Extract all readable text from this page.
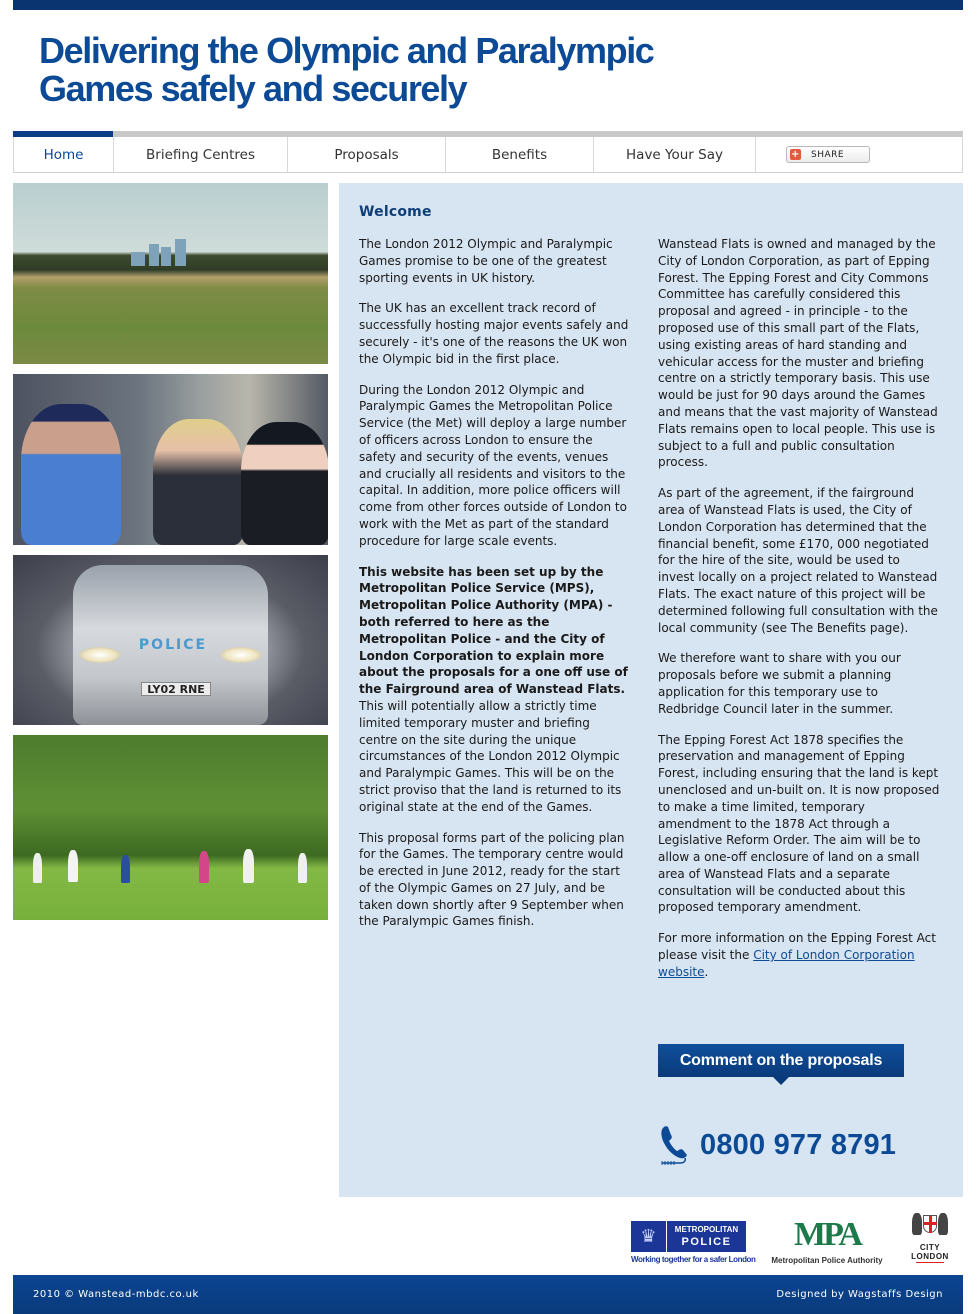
Delivering the Olympic and Paralympic
Games safely and securely
Home	Briefing Centres	Proposals	Benefits	Have Your Say	+ SHARE
POLICE
LY02 RNE
Welcome

The London 2012 Olympic and Paralympic Games promise to be one of the greatest sporting events in UK history.

The UK has an excellent track record of successfully hosting major events safely and securely - it's one of the reasons the UK won the Olympic bid in the first place.

During the London 2012 Olympic and Paralympic Games the Metropolitan Police Service (the Met) will deploy a large number of officers across London to ensure the safety and security of the events, venues and crucially all residents and visitors to the capital. In addition, more police officers will come from other forces outside of London to work with the Met as part of the standard procedure for large scale events.

This website has been set up by the Metropolitan Police Service (MPS), Metropolitan Police Authority (MPA) - both referred to here as the Metropolitan Police - and the City of London Corporation to explain more about the proposals for a one off use of the Fairground area of Wanstead Flats. This will potentially allow a strictly time limited temporary muster and briefing centre on the site during the unique circumstances of the London 2012 Olympic and Paralympic Games. This will be on the strict proviso that the land is returned to its original state at the end of the Games.

This proposal forms part of the policing plan for the Games. The temporary centre would be erected in June 2012, ready for the start of the Olympic Games on 27 July, and be taken down shortly after 9 September when the Paralympic Games finish.

Wanstead Flats is owned and managed by the City of London Corporation, as part of Epping Forest. The Epping Forest and City Commons Committee has carefully considered this proposal and agreed - in principle - to the proposed use of this small part of the Flats, using existing areas of hard standing and vehicular access for the muster and briefing centre on a strictly temporary basis. This use would be just for 90 days around the Games and means that the vast majority of Wanstead Flats remains open to local people. This use is subject to a full and public consultation process.

As part of the agreement, if the fairground area of Wanstead Flats is used, the City of London Corporation has determined that the financial benefit, some £170, 000 negotiated for the hire of the site, would be used to invest locally on a project related to Wanstead Flats. The exact nature of this project will be determined following full consultation with the local community (see The Benefits page).

We therefore want to share with you our proposals before we submit a planning application for this temporary use to Redbridge Council later in the summer.

The Epping Forest Act 1878 specifies the preservation and management of Epping Forest, including ensuring that the land is kept unenclosed and un-built on. It is now proposed to make a time limited, temporary amendment to the 1878 Act through a Legislative Reform Order. The aim will be to allow a one-off enclosure of land on a small area of Wanstead Flats and a separate consultation will be conducted about this proposed temporary amendment.

For more information on the Epping Forest Act please visit the City of London Corporation website.

Comment on the proposals
0800 977 8791
♛	METROPOLITAN
POLICE
Working together for a safer London
MPA
Metropolitan Police Authority
CITY
LONDON
2010 © Wanstead-mbdc.co.uk	Designed by Wagstaffs Design
